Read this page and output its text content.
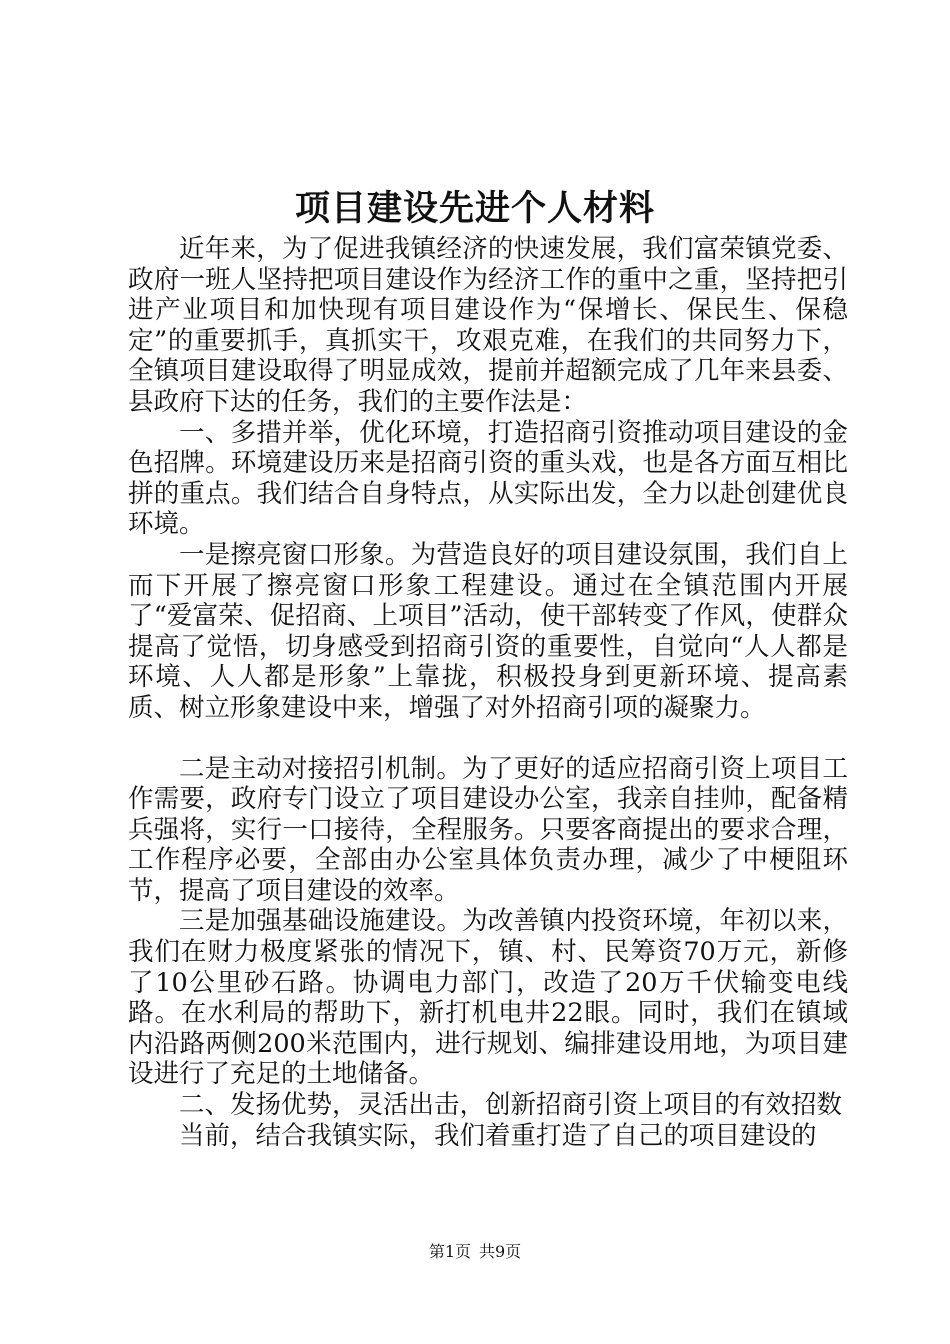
项目建设先进个人材料

近年来，为了促进我镇经济的快速发展，我们富荣镇党委、政府一班人坚持把项目建设作为经济工作的重中之重，坚持把引进产业项目和加快现有项目建设作为“保增长、保民生、保稳定”的重要抓手，真抓实干，攻艰克难，在我们的共同努力下，全镇项目建设取得了明显成效，提前并超额完成了几年来县委、县政府下达的任务，我们的主要作法是：

一、多措并举，优化环境，打造招商引资推动项目建设的金色招牌。环境建设历来是招商引资的重头戏，也是各方面互相比拼的重点。我们结合自身特点，从实际出发，全力以赴创建优良环境。

一是擦亮窗口形象。为营造良好的项目建设氛围，我们自上而下开展了擦亮窗口形象工程建设。通过在全镇范围内开展了“爱富荣、促招商、上项目”活动，使干部转变了作风，使群众提高了觉悟，切身感受到招商引资的重要性，自觉向“人人都是环境、人人都是形象”上靠拢，积极投身到更新环境、提高素质、树立形象建设中来，增强了对外招商引项的凝聚力。

二是主动对接招引机制。为了更好的适应招商引资上项目工作需要，政府专门设立了项目建设办公室，我亲自挂帅，配备精兵强将，实行一口接待，全程服务。只要客商提出的要求合理，工作程序必要，全部由办公室具体负责办理，减少了中梗阻环节，提高了项目建设的效率。

三是加强基础设施建设。为改善镇内投资环境，年初以来，我们在财力极度紧张的情况下，镇、村、民筹资70万元，新修了10公里砂石路。协调电力部门，改造了20万千伏输变电线路。在水利局的帮助下，新打机电井22眼。同时，我们在镇域内沿路两侧200米范围内，进行规划、编排建设用地，为项目建设进行了充足的土地储备。

二、发扬优势，灵活出击，创新招商引资上项目的有效招数

当前，结合我镇实际，我们着重打造了自己的项目建设的

第1页 共9页
